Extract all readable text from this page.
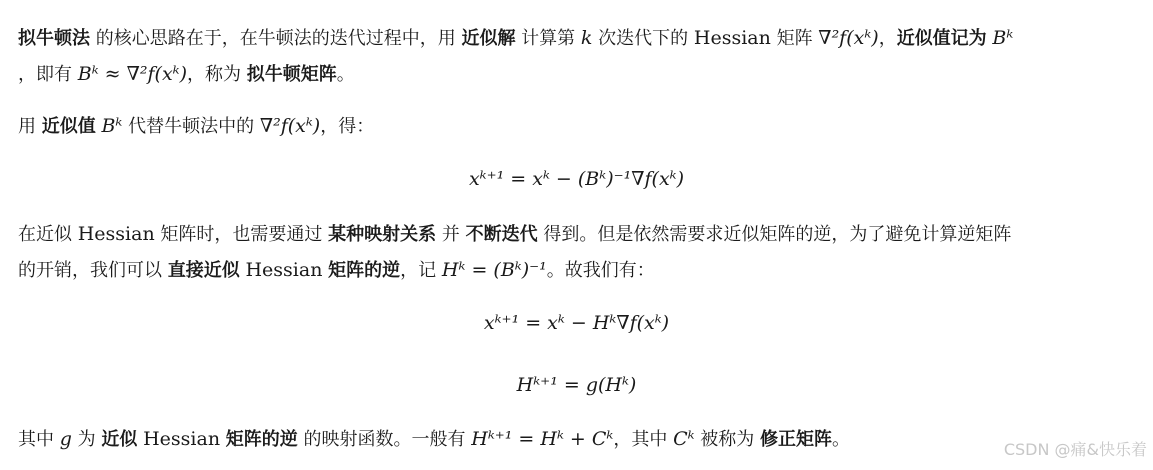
拟牛顿法 的核心思路在于，在牛顿法的迭代过程中，用 近似解 计算第 k 次迭代下的 Hessian 矩阵 ∇²f(xᵏ)，近似值记为 Bᵏ
，即有 Bᵏ ≈ ∇²f(xᵏ)，称为 拟牛顿矩阵。
用 近似值 Bᵏ 代替牛顿法中的 ∇²f(xᵏ)，得：
xᵏ⁺¹ = xᵏ − (Bᵏ)⁻¹∇f(xᵏ)
在近似 Hessian 矩阵时，也需要通过 某种映射关系 并 不断迭代 得到。但是依然需要求近似矩阵的逆，为了避免计算逆矩阵
的开销，我们可以 直接近似 Hessian 矩阵的逆，记 Hᵏ = (Bᵏ)⁻¹。故我们有：
xᵏ⁺¹ = xᵏ − Hᵏ∇f(xᵏ)
Hᵏ⁺¹ = g(Hᵏ)
其中 g 为 近似 Hessian 矩阵的逆 的映射函数。一般有 Hᵏ⁺¹ = Hᵏ + Cᵏ，其中 Cᵏ 被称为 修正矩阵。	CSDN @痛&快乐着
